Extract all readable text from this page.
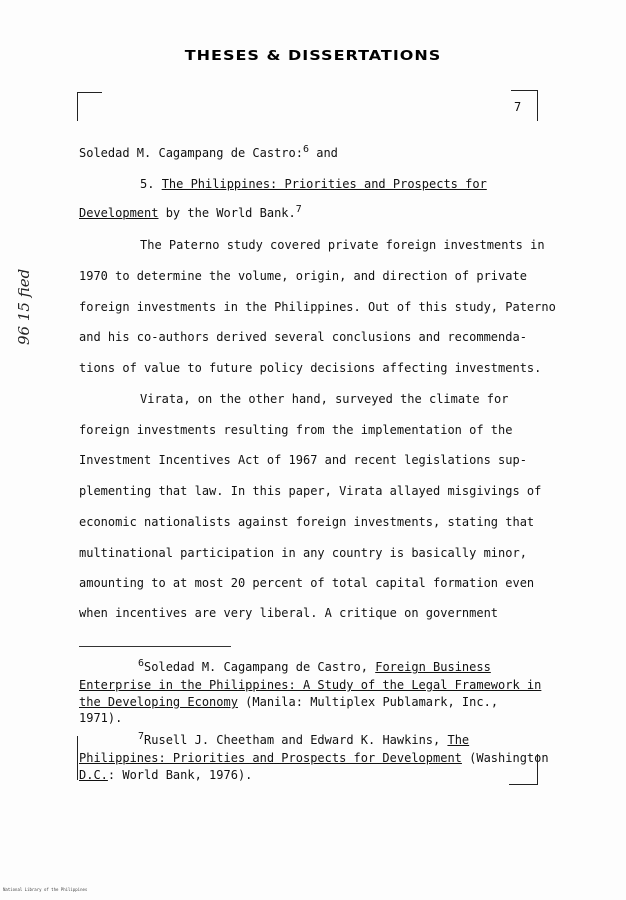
THESES & DISSERTATIONS
7
96 15 fied
Soledad M. Cagampang de Castro:$^6$ and
5. The Philippines: Priorities and Prospects for
Development by the World Bank.$^7$
The Paterno study covered private foreign investments in
1970 to determine the volume, origin, and direction of private
foreign investments in the Philippines. Out of this study, Paterno
and his co-authors derived several conclusions and recommenda-
tions of value to future policy decisions affecting investments.
Virata, on the other hand, surveyed the climate for
foreign investments resulting from the implementation of the
Investment Incentives Act of 1967 and recent legislations sup-
plementing that law. In this paper, Virata allayed misgivings of
economic nationalists against foreign investments, stating that
multinational participation in any country is basically minor,
amounting to at most 20 percent of total capital formation even
when incentives are very liberal. A critique on government
$^6$Soledad M. Cagampang de Castro, Foreign Business
Enterprise in the Philippines: A Study of the Legal Framework in
the Developing Economy (Manila: Multiplex Publamark, Inc.,
1971).
$^7$Rusell J. Cheetham and Edward K. Hawkins, The
Philippines: Priorities and Prospects for Development (Washington
D.C.: World Bank, 1976).
National Library of the Philippines
